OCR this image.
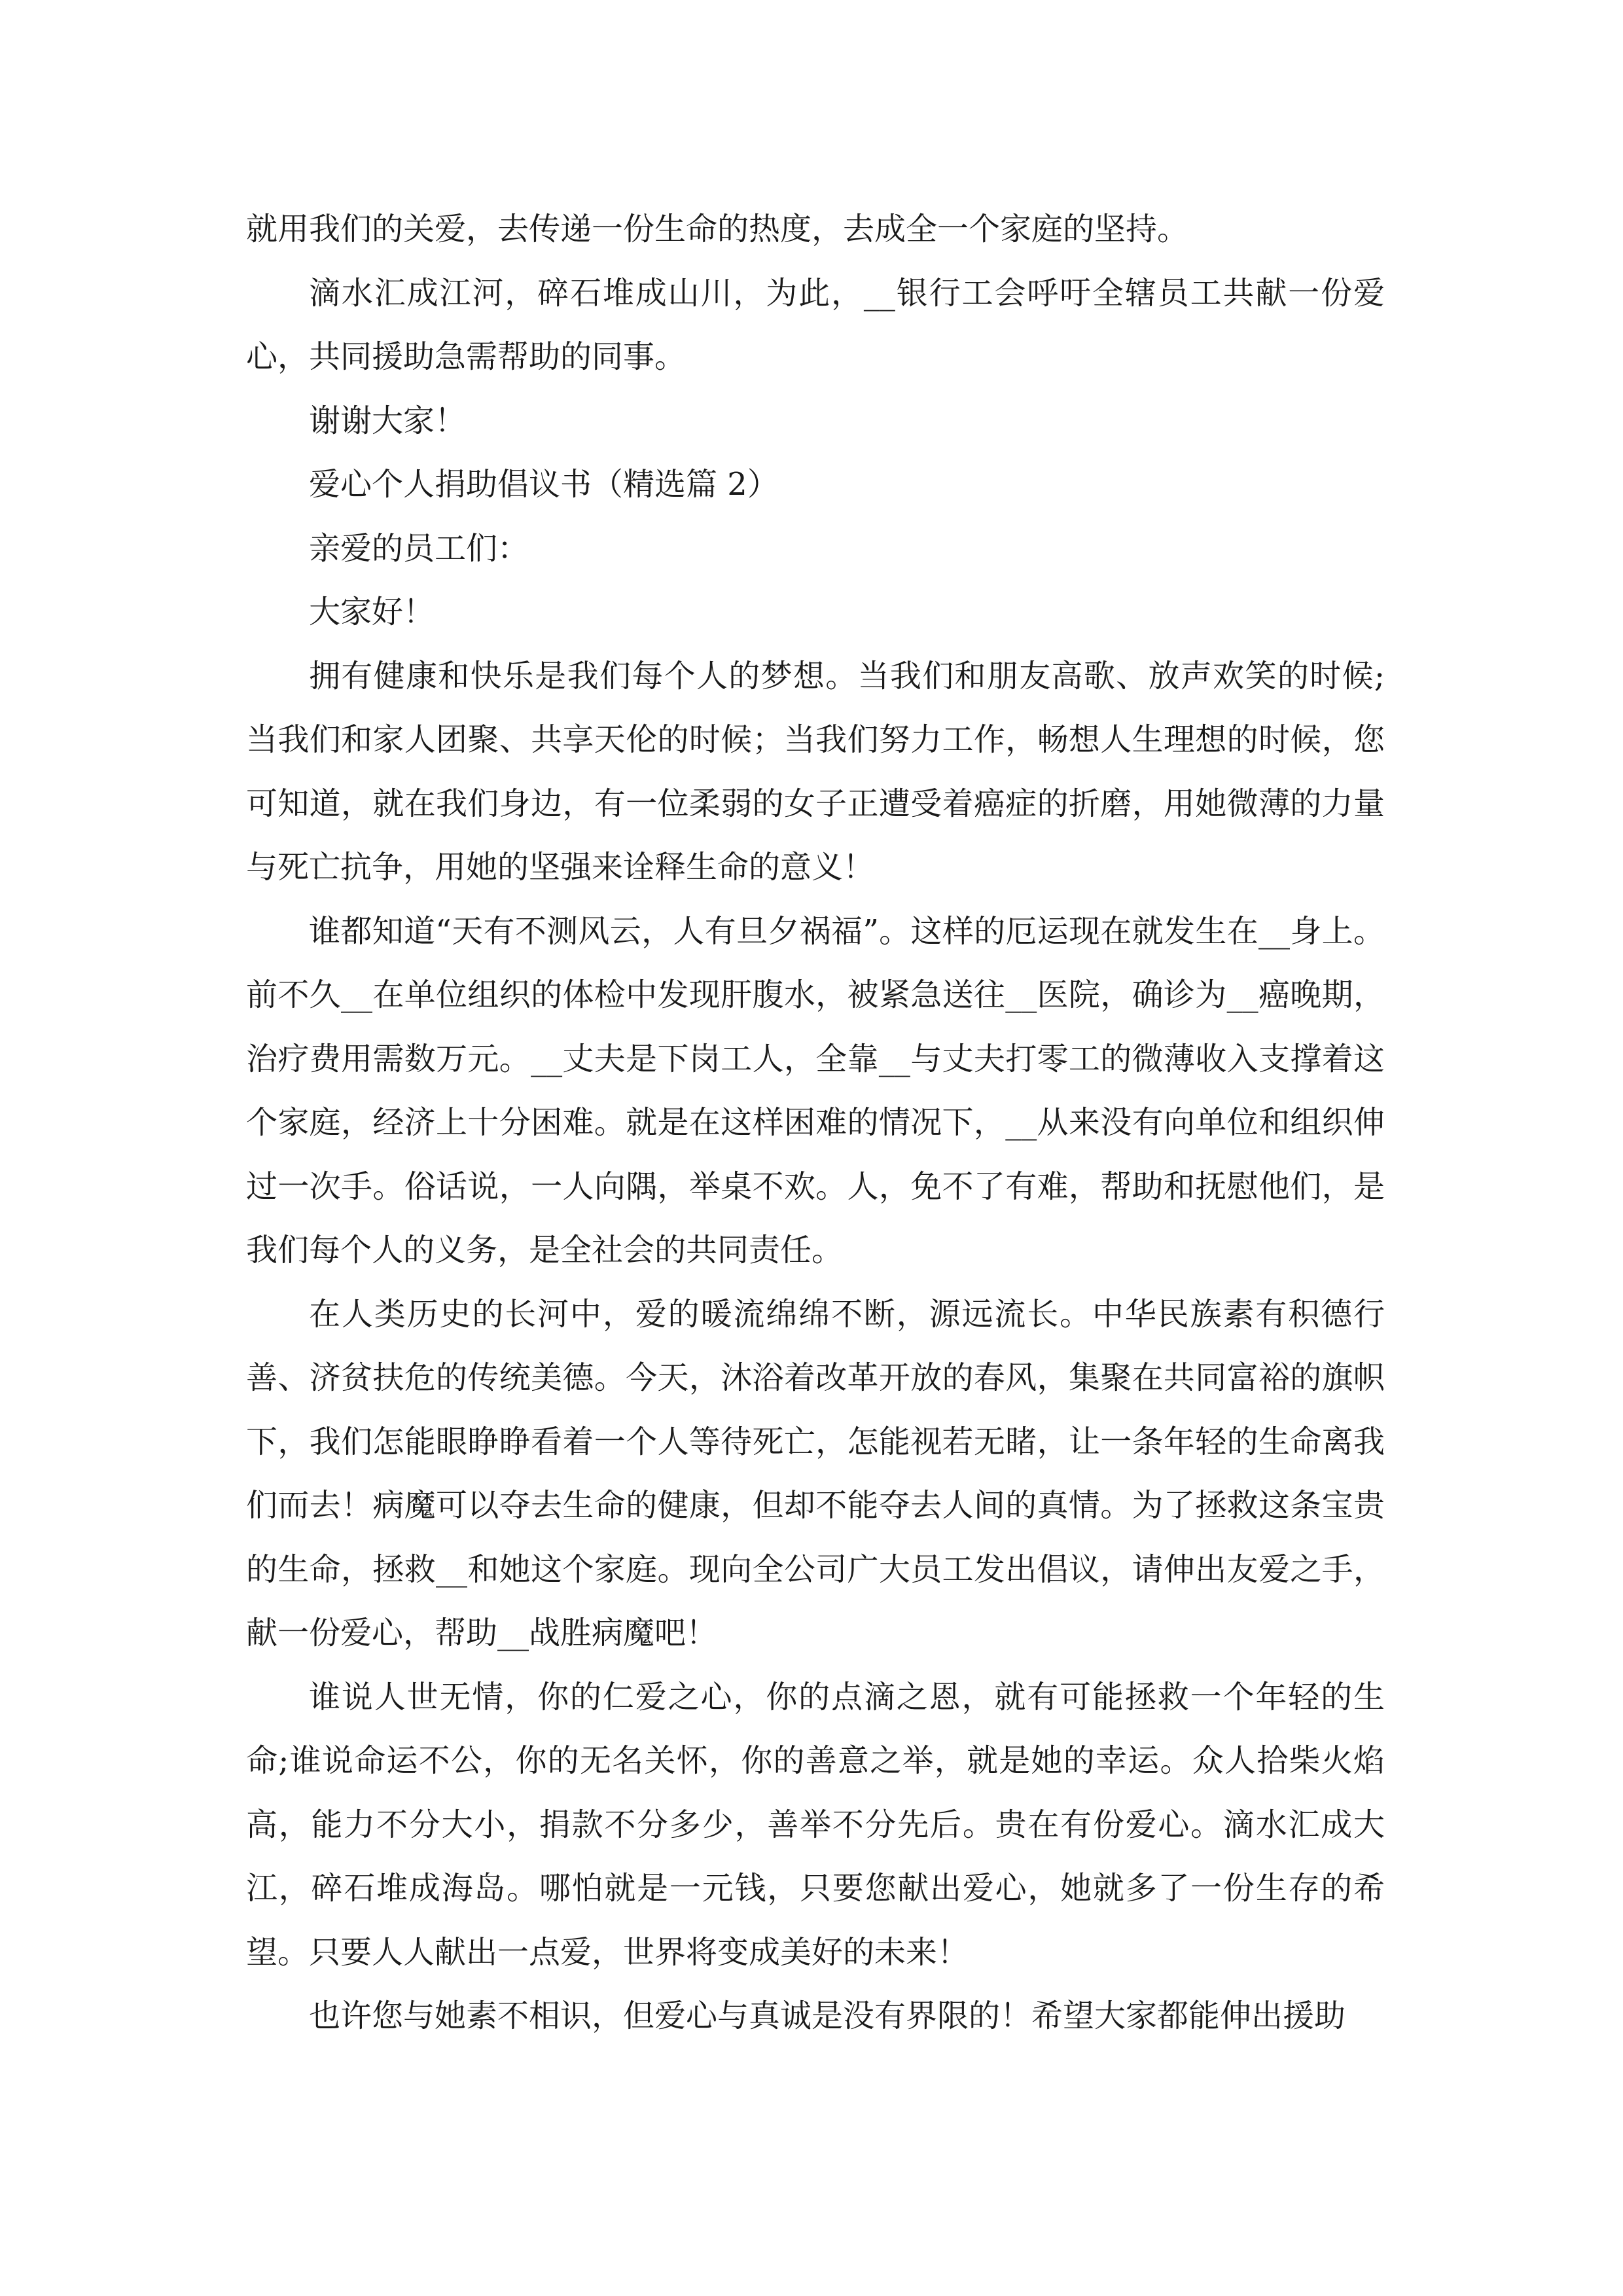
就用我们的关爱，去传递一份生命的热度，去成全一个家庭的坚持。

滴水汇成江河，碎石堆成山川，为此，__银行工会呼吁全辖员工共献一份爱心，共同援助急需帮助的同事。

谢谢大家！

爱心个人捐助倡议书（精选篇 2）

亲爱的员工们：

大家好！

拥有健康和快乐是我们每个人的梦想。当我们和朋友高歌、放声欢笑的时候;当我们和家人团聚、共享天伦的时候；当我们努力工作，畅想人生理想的时候，您可知道，就在我们身边，有一位柔弱的女子正遭受着癌症的折磨，用她微薄的力量与死亡抗争，用她的坚强来诠释生命的意义！

谁都知道“天有不测风云，人有旦夕祸福”。这样的厄运现在就发生在__身上。前不久__在单位组织的体检中发现肝腹水，被紧急送往__医院，确诊为__癌晚期，治疗费用需数万元。__丈夫是下岗工人，全靠__与丈夫打零工的微薄收入支撑着这个家庭，经济上十分困难。就是在这样困难的情况下，__从来没有向单位和组织伸过一次手。俗话说，一人向隅，举桌不欢。人，免不了有难，帮助和抚慰他们，是我们每个人的义务，是全社会的共同责任。

在人类历史的长河中，爱的暖流绵绵不断，源远流长。中华民族素有积德行善、济贫扶危的传统美德。今天，沐浴着改革开放的春风，集聚在共同富裕的旗帜下，我们怎能眼睁睁看着一个人等待死亡，怎能视若无睹，让一条年轻的生命离我们而去！病魔可以夺去生命的健康，但却不能夺去人间的真情。为了拯救这条宝贵的生命，拯救__和她这个家庭。现向全公司广大员工发出倡议，请伸出友爱之手，献一份爱心，帮助__战胜病魔吧！

谁说人世无情，你的仁爱之心，你的点滴之恩，就有可能拯救一个年轻的生命;谁说命运不公，你的无名关怀，你的善意之举，就是她的幸运。众人拾柴火焰高，能力不分大小，捐款不分多少，善举不分先后。贵在有份爱心。滴水汇成大江，碎石堆成海岛。哪怕就是一元钱，只要您献出爱心，她就多了一份生存的希望。只要人人献出一点爱，世界将变成美好的未来！

也许您与她素不相识，但爱心与真诚是没有界限的！希望大家都能伸出援助
